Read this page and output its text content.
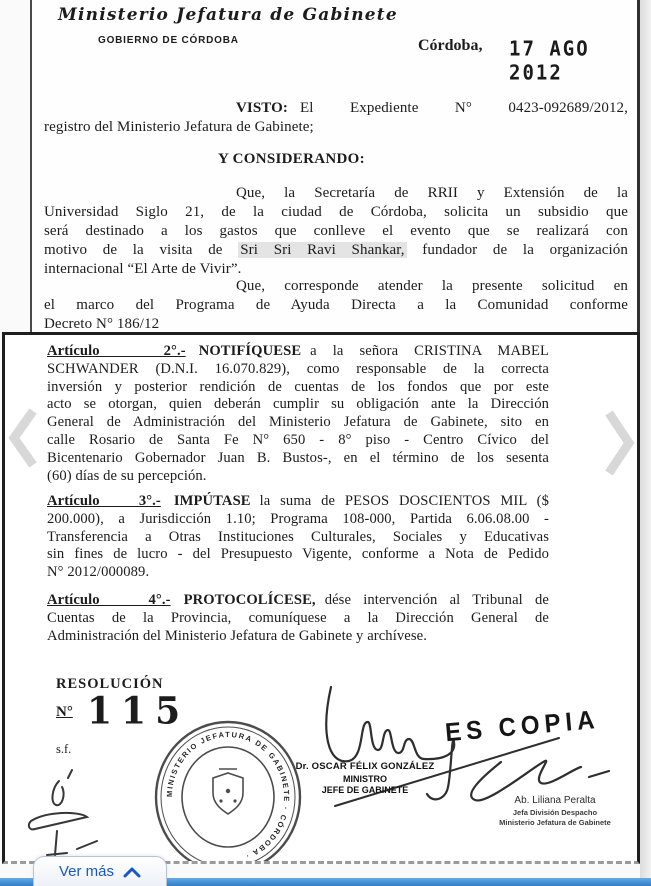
Ministerio Jefatura de Gabinete
GOBIERNO DE CÓRDOBA	Córdoba, 17 AGO 2012
VISTO: El Expediente N° 0423-092689/2012,
registro del Ministerio Jefatura de Gabinete;
Y CONSIDERANDO:
Que, la Secretaría de RRII y Extensión de la
Universidad Siglo 21, de la ciudad de Córdoba, solicita un subsidio que
será destinado a los gastos que conlleve el evento que se realizará con
motivo de la visita de Sri Sri Ravi Shankar, fundador de la organización
internacional “El Arte de Vivir”.
Que, corresponde atender la presente solicitud en
el marco del Programa de Ayuda Directa a la Comunidad conforme
Decreto N° 186/12
Artículo    2°.- NOTIFÍQUESE a la señora CRISTINA MABEL
SCHWANDER (D.N.I. 16.070.829), como responsable de la correcta
inversión y posterior rendición de cuentas de los fondos que por este
acto se otorgan, quien deberán cumplir su obligación ante la Dirección
General de Administración del Ministerio Jefatura de Gabinete, sito en
calle Rosario de Santa Fe N° 650 - 8° piso - Centro Cívico del
Bicentenario Gobernador Juan B. Bustos-, en el término de los sesenta
(60) días de su percepción.
Artículo    3°.- IMPÚTASE la suma de PESOS DOSCIENTOS MIL ($
200.000), a Jurisdicción 1.10; Programa 108-000, Partida 6.06.08.00 -
Transferencia a Otras Instituciones Culturales, Sociales y Educativas
sin fines de lucro - del Presupuesto Vigente, conforme a Nota de Pedido
N° 2012/000089.
Artículo    4°.- PROTOCOLÍCESE, dése intervención al Tribunal de
Cuentas de la Provincia, comuníquese a la Dirección General de
Administración del Ministerio Jefatura de Gabinete y archívese.
RESOLUCIÓN
N° 115
s.f.
Dr. OSCAR FÉLIX GONZÁLEZ
MINISTRO
JEFE DE GABINETE
ES COPIA
Ab. Liliana Peralta
Jefa División Despacho
Ministerio Jefatura de Gabinete
MINISTERIO JEFATURA DE GABINETE · CÓRDOBA ·
Ver más
